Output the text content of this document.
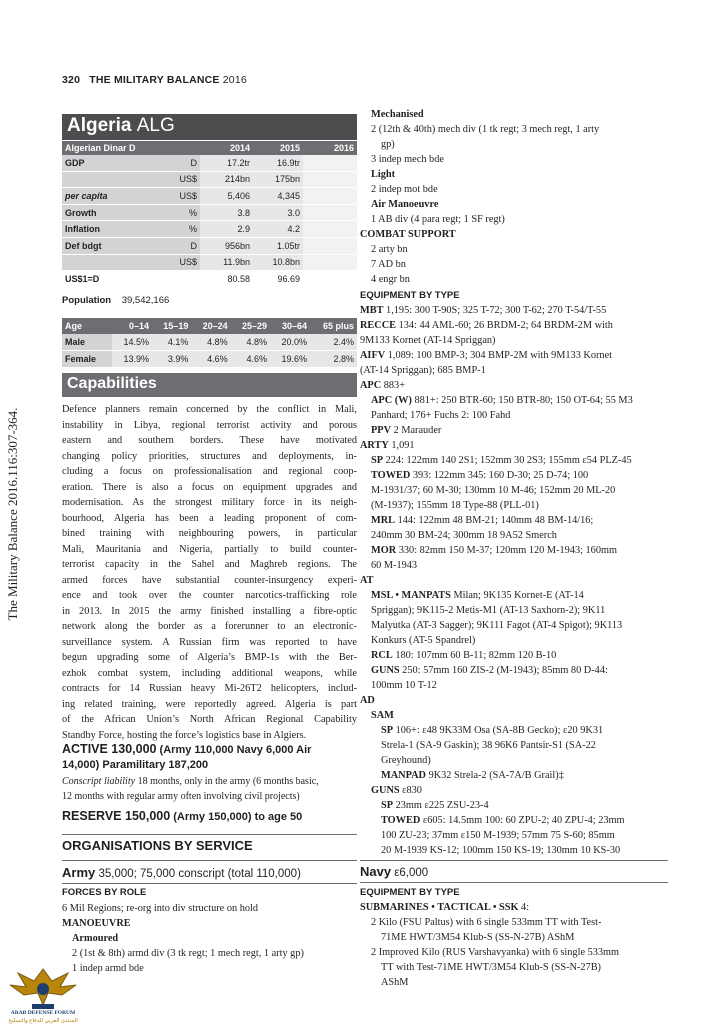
The Military Balance 2016.116:307-364.
320 THE MILITARY BALANCE 2016
Algeria ALG
Algerian Dinar D		2014	2015	2016
GDP	D	17.2tr	16.9tr	
	US$	214bn	175bn	
per capita	US$	5,406	4,345	
Growth	%	3.8	3.0	
Inflation	%	2.9	4.2	
Def bdgt	D	956bn	1.05tr	
	US$	11.9bn	10.8bn	
US$1=D		80.58	96.69	
Population 39,542,166
Age	0–14	15–19	20–24	25–29	30–64	65 plus
Male	14.5%	4.1%	4.8%	4.8%	20.0%	2.4%
Female	13.9%	3.9%	4.6%	4.6%	19.6%	2.8%
Capabilities
Defence planners remain concerned by the conflict in Mali,
instability in Libya, regional terrorist activity and porous
eastern and southern borders. These have motivated
changing policy priorities, structures and deployments, in-
cluding a focus on professionalisation and regional coop-
eration. There is also a focus on equipment upgrades and
modernisation. As the strongest military force in its neigh-
bourhood, Algeria has been a leading proponent of com-
bined training with neighbouring powers, in particular
Mali, Mauritania and Nigeria, partially to build counter-
terrorist capacity in the Sahel and Maghreb regions. The
armed forces have substantial counter-insurgency experi-
ence and took over the counter narcotics-trafficking role
in 2013. In 2015 the army finished installing a fibre-optic
network along the border as a forerunner to an electronic-
surveillance system. A Russian firm was reported to have
begun upgrading some of Algeria’s BMP-1s with the Ber-
ezhok combat system, including additional weapons, while
contracts for 14 Russian heavy Mi-26T2 helicopters, includ-
ing related training, were reportedly agreed. Algeria is part
of the African Union’s North African Regional Capability
Standby Force, hosting the force’s logistics base in Algiers.
ACTIVE 130,000 (Army 110,000 Navy 6,000 Air
14,000) Paramilitary 187,200
Conscript liability 18 months, only in the army (6 months basic,
12 months with regular army often involving civil projects)
RESERVE 150,000 (Army 150,000) to age 50
ORGANISATIONS BY SERVICE
Army 35,000; 75,000 conscript (total 110,000)
FORCES BY ROLE
6 Mil Regions; re-org into div structure on hold
MANOEUVRE
Armoured
2 (1st & 8th) armd div (3 tk regt; 1 mech regt, 1 arty gp)
1 indep armd bde
Mechanised
2 (12th & 40th) mech div (1 tk regt; 3 mech regt, 1 arty
gp)
3 indep mech bde
Light
2 indep mot bde
Air Manoeuvre
1 AB div (4 para regt; 1 SF regt)
COMBAT SUPPORT
2 arty bn
7 AD bn
4 engr bn
EQUIPMENT BY TYPE
MBT 1,195: 300 T-90S; 325 T-72; 300 T-62; 270 T-54/T-55
RECCE 134: 44 AML-60; 26 BRDM-2; 64 BRDM-2M with
9M133 Kornet (AT-14 Spriggan)
AIFV 1,089: 100 BMP-3; 304 BMP-2M with 9M133 Kornet
(AT-14 Spriggan); 685 BMP-1
APC 883+
APC (W) 881+: 250 BTR-60; 150 BTR-80; 150 OT-64; 55 M3
Panhard; 176+ Fuchs 2: 100 Fahd
PPV 2 Marauder
ARTY 1,091
SP 224: 122mm 140 2S1; 152mm 30 2S3; 155mm ε54 PLZ-45
TOWED 393: 122mm 345: 160 D-30; 25 D-74; 100
M-1931/37; 60 M-30; 130mm 10 M-46; 152mm 20 ML-20
(M-1937); 155mm 18 Type-88 (PLL-01)
MRL 144: 122mm 48 BM-21; 140mm 48 BM-14/16;
240mm 30 BM-24; 300mm 18 9A52 Smerch
MOR 330: 82mm 150 M-37; 120mm 120 M-1943; 160mm
60 M-1943
AT
MSL • MANPATS Milan; 9K135 Kornet-E (AT-14
Spriggan); 9K115-2 Metis-M1 (AT-13 Saxhorn-2); 9K11
Malyutka (AT-3 Sagger); 9K111 Fagot (AT-4 Spigot); 9K113
Konkurs (AT-5 Spandrel)
RCL 180: 107mm 60 B-11; 82mm 120 B-10
GUNS 250: 57mm 160 ZIS-2 (M-1943); 85mm 80 D-44:
100mm 10 T-12
AD
SAM
SP 106+: ε48 9K33M Osa (SA-8B Gecko); ε20 9K31
Strela-1 (SA-9 Gaskin); 38 96K6 Pantsir-S1 (SA-22
Greyhound)
MANPAD 9K32 Strela-2 (SA-7A/B Grail)‡
GUNS ε830
SP 23mm ε225 ZSU-23-4
TOWED ε605: 14.5mm 100: 60 ZPU-2; 40 ZPU-4; 23mm
100 ZU-23; 37mm ε150 M-1939; 57mm 75 S-60; 85mm
20 M-1939 KS-12; 100mm 150 KS-19; 130mm 10 KS-30
Navy ε6,000
EQUIPMENT BY TYPE
SUBMARINES • TACTICAL • SSK 4:
2 Kilo (FSU Paltus) with 6 single 533mm TT with Test-
71ME HWT/3M54 Klub-S (SS-N-27B) AShM
2 Improved Kilo (RUS Varshavyanka) with 6 single 533mm
TT with Test-71ME HWT/3M54 Klub-S (SS-N-27B)
AShM
ARAB DEFENSE FORUM
المنتدى العربي للدفاع والتسليح
